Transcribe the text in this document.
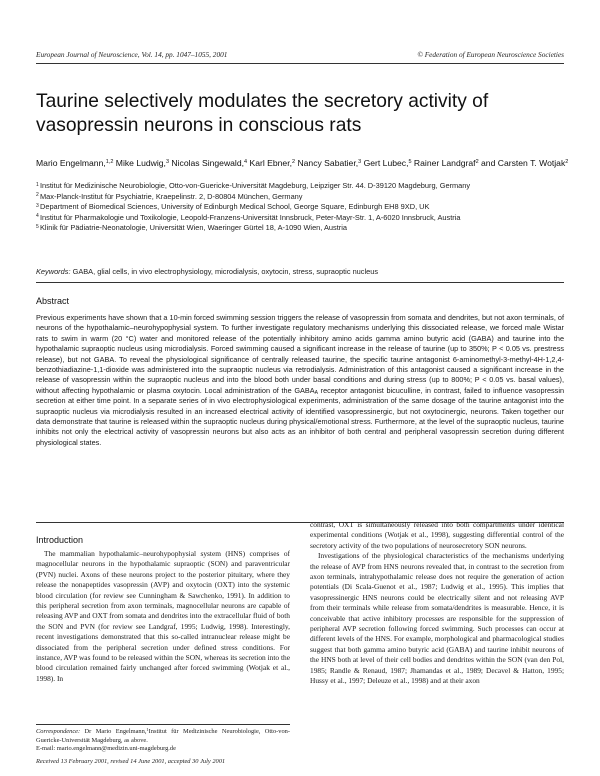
European Journal of Neuroscience, Vol. 14, pp. 1047–1055, 2001	© Federation of European Neuroscience Societies
Taurine selectively modulates the secretory activity of vasopressin neurons in conscious rats
Mario Engelmann,$^{1,2}$ Mike Ludwig,$^3$ Nicolas Singewald,$^4$ Karl Ebner,$^2$ Nancy Sabatier,$^3$ Gert Lubec,$^5$ Rainer Landgraf$^2$ and Carsten T. Wotjak$^2$
1 Institut für Medizinische Neurobiologie, Otto-von-Guericke-Universität Magdeburg, Leipziger Str. 44. D-39120 Magdeburg, Germany
2 Max-Planck-Institut für Psychiatrie, Kraepelinstr. 2, D-80804 München, Germany
3 Department of Biomedical Sciences, University of Edinburgh Medical School, George Square, Edinburgh EH8 9XD, UK
4 Institut für Pharmakologie und Toxikologie, Leopold-Franzens-Universität Innsbruck, Peter-Mayr-Str. 1, A-6020 Innsbruck, Austria
5 Klinik für Pädiatrie-Neonatologie, Universität Wien, Waeringer Gürtel 18, A-1090 Wien, Austria
Keywords: GABA, glial cells, in vivo electrophysiology, microdialysis, oxytocin, stress, supraoptic nucleus
Abstract

Previous experiments have shown that a 10-min forced swimming session triggers the release of vasopressin from somata and dendrites, but not axon terminals, of neurons of the hypothalamic–neurohypophysial system. To further investigate regulatory mechanisms underlying this dissociated release, we forced male Wistar rats to swim in warm (20 °C) water and monitored release of the potentially inhibitory amino acids gamma amino butyric acid (GABA) and taurine into the hypothalamic supraoptic nucleus using microdialysis. Forced swimming caused a significant increase in the release of taurine (up to 350%; P < 0.05 vs. prestress release), but not GABA. To reveal the physiological significance of centrally released taurine, the specific taurine antagonist 6-aminomethyl-3-methyl-4H-1,2,4-benzothiadiazine-1,1-dioxide was administered into the supraoptic nucleus via retrodialysis. Administration of this antagonist caused a significant increase in the release of vasopressin within the supraoptic nucleus and into the blood both under basal conditions and during stress (up to 800%; P < 0.05 vs. basal values), without affecting hypothalamic or plasma oxytocin. Local administration of the $GABA_A$ receptor antagonist bicuculline, in contrast, failed to influence vasopressin secretion at either time point. In a separate series of in vivo electrophysiological experiments, administration of the same dosage of the taurine antagonist into the supraoptic nucleus via microdialysis resulted in an increased electrical activity of identified vasopressinergic, but not oxytocinergic, neurons. Taken together our data demonstrate that taurine is released within the supraoptic nucleus during physical/emotional stress. Furthermore, at the level of the supraoptic nucleus, taurine inhibits not only the electrical activity of vasopressin neurons but also acts as an inhibitor of both central and peripheral vasopressin secretion during different physiological states.

Introduction

The mammalian hypothalamic–neurohypophysial system (HNS) comprises of magnocellular neurons in the hypothalamic supraoptic (SON) and paraventricular (PVN) nuclei. Axons of these neurons project to the posterior pituitary, where they release the nonapeptides vasopressin (AVP) and oxytocin (OXT) into the systemic blood circulation (for review see Cunningham & Sawchenko, 1991). In addition to this peripheral secretion from axon terminals, magnocellular neurons are capable of releasing AVP and OXT from somata and dendrites into the extracellular fluid of both the SON and PVN (for review see Landgraf, 1995; Ludwig, 1998). Interestingly, recent investigations demonstrated that this so-called intranuclear release might be dissociated from the peripheral secretion under defined stress conditions. For instance, AVP was found to be released within the SON, whereas its secretion into the blood circulation remained fairly unchanged after forced swimming (Wotjak et al., 1998). In

contrast, OXT is simultaneously released into both compartments under identical experimental conditions (Wotjak et al., 1998), suggesting differential control of the secretory activity of the two populations of neurosecretory SON neurons.

Investigations of the physiological characteristics of the mechanisms underlying the release of AVP from HNS neurons revealed that, in contrast to the secretion from axon terminals, intrahypothalamic release does not require the generation of action potentials (Di Scala-Guenot et al., 1987; Ludwig et al., 1995). This implies that vasopressinergic HNS neurons could be electrically silent and not releasing AVP from their terminals while release from somata/dendrites is measurable. Hence, it is conceivable that active inhibitory processes are responsible for the suppression of peripheral AVP secretion following forced swimming. Such processes can occur at different levels of the HNS. For example, morphological and pharmacological studies suggest that both gamma amino butyric acid (GABA) and taurine inhibit neurons of the HNS both at level of their cell bodies and dendrites within the SON (van den Pol, 1985; Randle & Renaud, 1987; Jhamandas et al., 1989; Decavel & Hatton, 1995; Hussy et al., 1997; Deleuze et al., 1998) and at their axon

Correspondence: Dr Mario Engelmann,$^1$Institut für Medizinische Neurobiologie, Otto-von-Guericke-Universität Magdeburg, as above.
E-mail: mario.engelmann@medizin.uni-magdeburg.de
Received 13 February 2001, revised 14 June 2001, accepted 30 July 2001
